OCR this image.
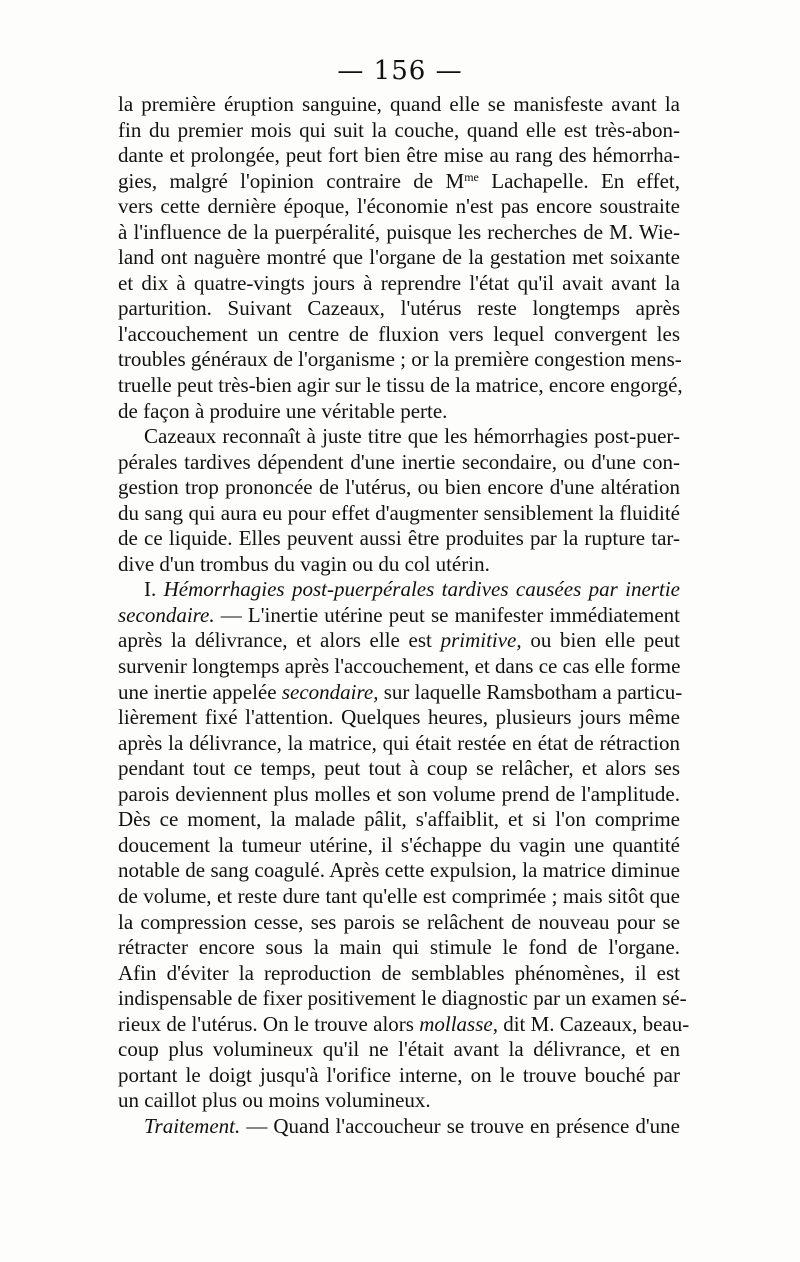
— 156 —
la première éruption sanguine, quand elle se manisfeste avant la
fin du premier mois qui suit la couche, quand elle est très-abon-
dante et prolongée, peut fort bien être mise au rang des hémorrha-
gies, malgré l'opinion contraire de $M^{me}$ Lachapelle. En effet,
vers cette dernière époque, l'économie n'est pas encore soustraite
à l'influence de la puerpéralité, puisque les recherches de M. Wie-
land ont naguère montré que l'organe de la gestation met soixante
et dix à quatre-vingts jours à reprendre l'état qu'il avait avant la
parturition. Suivant Cazeaux, l'utérus reste longtemps après
l'accouchement un centre de fluxion vers lequel convergent les
troubles généraux de l'organisme ; or la première congestion mens-
truelle peut très-bien agir sur le tissu de la matrice, encore engorgé,
de façon à produire une véritable perte.
Cazeaux reconnaît à juste titre que les hémorrhagies post-puer-
pérales tardives dépendent d'une inertie secondaire, ou d'une con-
gestion trop prononcée de l'utérus, ou bien encore d'une altération
du sang qui aura eu pour effet d'augmenter sensiblement la fluidité
de ce liquide. Elles peuvent aussi être produites par la rupture tar-
dive d'un trombus du vagin ou du col utérin.
I. Hémorrhagies post-puerpérales tardives causées par inertie
secondaire. — L'inertie utérine peut se manifester immédiatement
après la délivrance, et alors elle est primitive, ou bien elle peut
survenir longtemps après l'accouchement, et dans ce cas elle forme
une inertie appelée secondaire, sur laquelle Ramsbotham a particu-
lièrement fixé l'attention. Quelques heures, plusieurs jours même
après la délivrance, la matrice, qui était restée en état de rétraction
pendant tout ce temps, peut tout à coup se relâcher, et alors ses
parois deviennent plus molles et son volume prend de l'amplitude.
Dès ce moment, la malade pâlit, s'affaiblit, et si l'on comprime
doucement la tumeur utérine, il s'échappe du vagin une quantité
notable de sang coagulé. Après cette expulsion, la matrice diminue
de volume, et reste dure tant qu'elle est comprimée ; mais sitôt que
la compression cesse, ses parois se relâchent de nouveau pour se
rétracter encore sous la main qui stimule le fond de l'organe.
Afin d'éviter la reproduction de semblables phénomènes, il est
indispensable de fixer positivement le diagnostic par un examen sé-
rieux de l'utérus. On le trouve alors mollasse, dit M. Cazeaux, beau-
coup plus volumineux qu'il ne l'était avant la délivrance, et en
portant le doigt jusqu'à l'orifice interne, on le trouve bouché par
un caillot plus ou moins volumineux.
Traitement. — Quand l'accoucheur se trouve en présence d'une
